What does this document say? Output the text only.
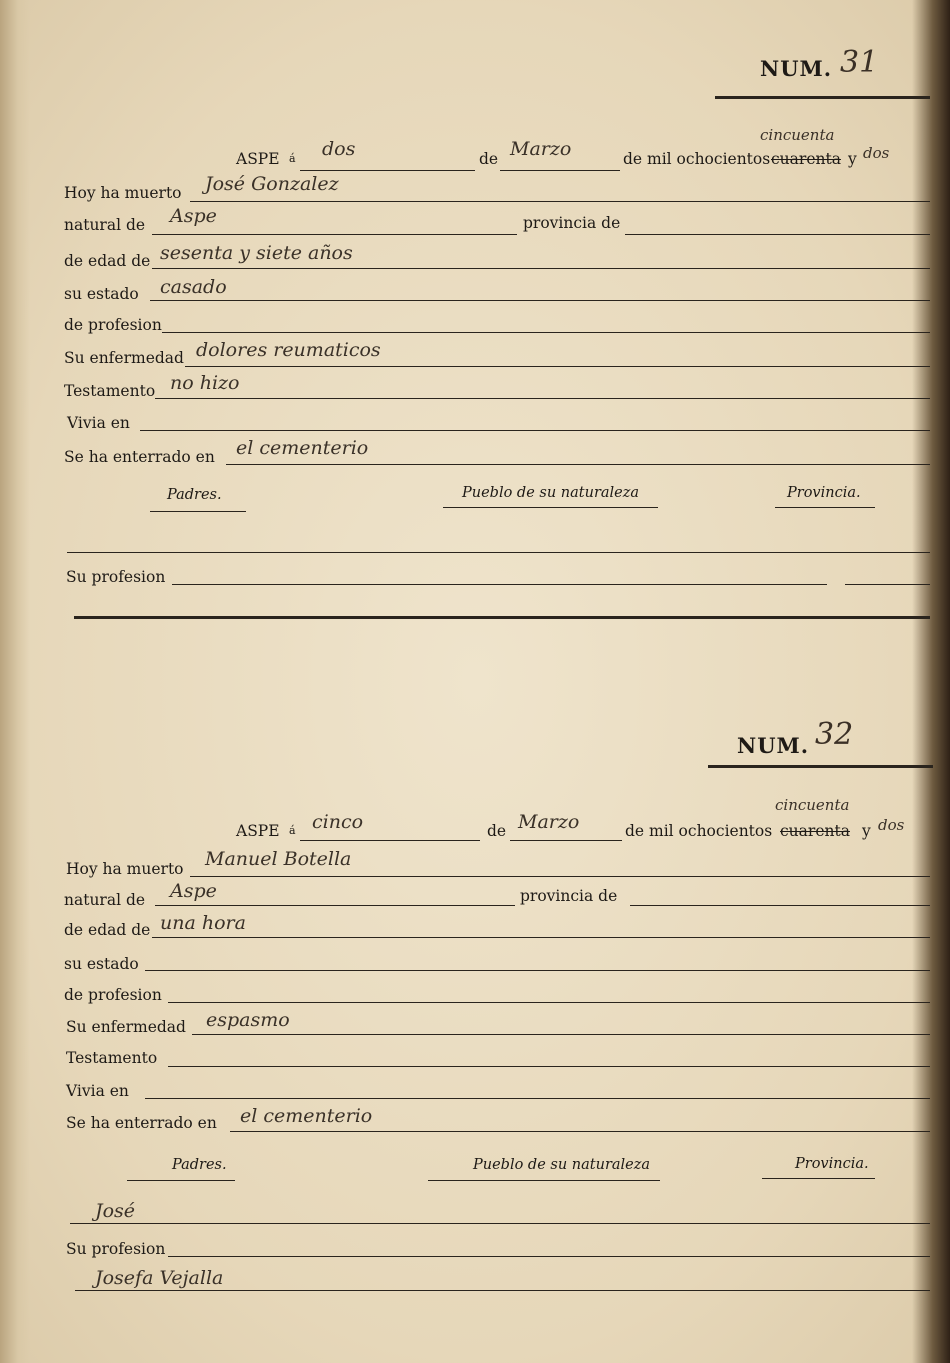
NUM. 31
cincuenta
ASPE á dos	de Marzo	de mil ochocientos cuarenta y dos
Hoy ha muerto José Gonzalez
natural de Aspe	provincia de
de edad de sesenta y siete años
su estado casado
de profesion
Su enfermedad dolores reumaticos
Testamento no hizo
Vivia en
Se ha enterrado en el cementerio
Padres.	Pueblo de su naturaleza	Provincia.
Su profesion
NUM. 32
cincuenta
ASPE á cinco	de Marzo	de mil ochocientos cuarenta y dos
Hoy ha muerto Manuel Botella
natural de Aspe	provincia de
de edad de una hora
su estado
de profesion
Su enfermedad espasmo
Testamento
Vivia en
Se ha enterrado en el cementerio
Padres.	Pueblo de su naturaleza	Provincia.
José
Su profesion
Josefa Vejalla
